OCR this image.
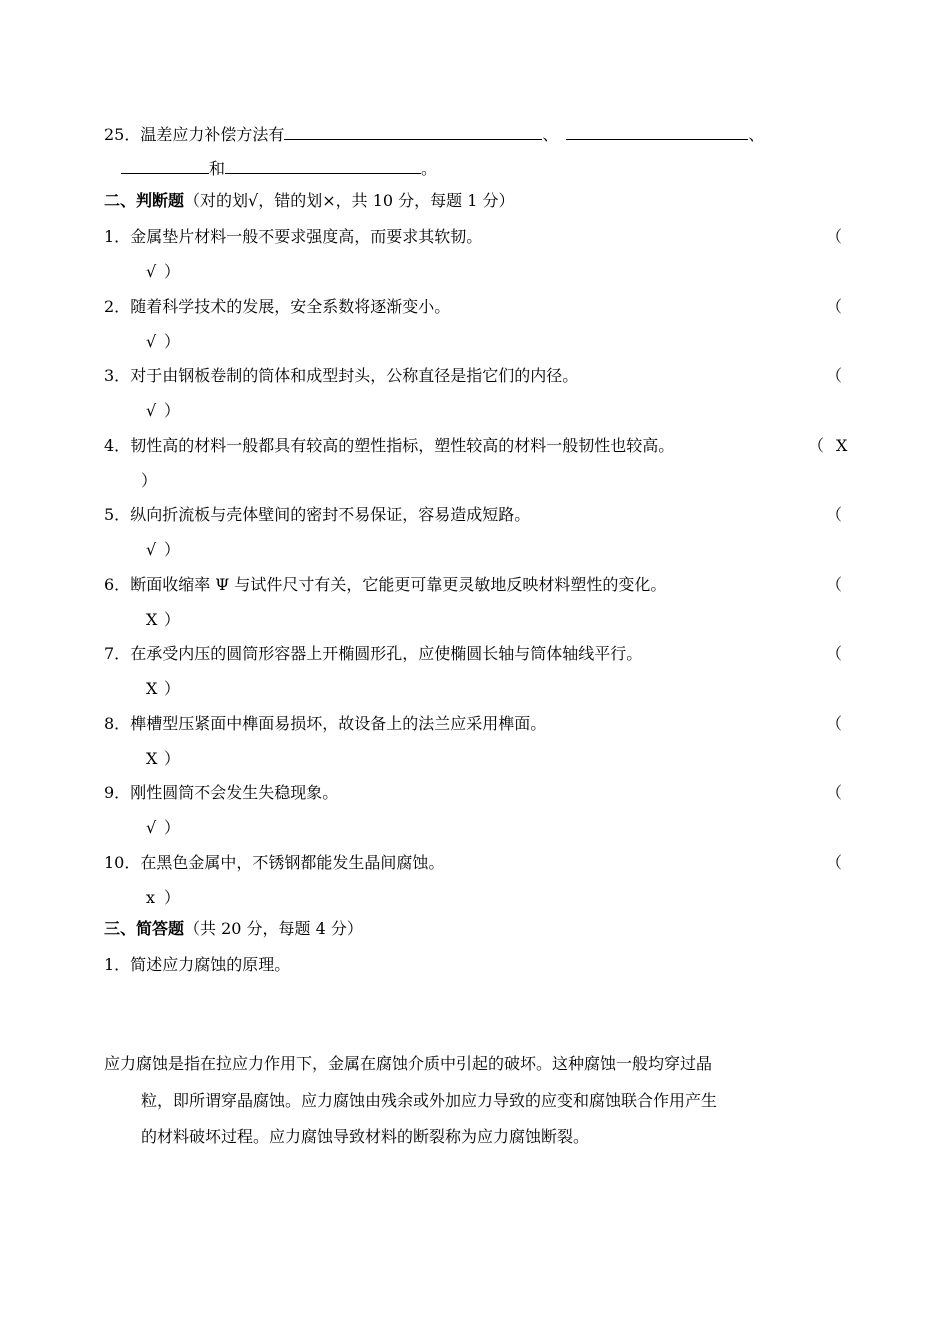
25．温差应力补偿方法有	、	、
和	。
二、判断题（对的划√，错的划×，共 10 分，每题 1 分）
1．金属垫片材料一般不要求强度高，而要求其软韧。	（
√ ）
2．随着科学技术的发展，安全系数将逐渐变小。	（
√ ）
3．对于由钢板卷制的筒体和成型封头，公称直径是指它们的内径。	（
√ ）
4．韧性高的材料一般都具有较高的塑性指标，塑性较高的材料一般韧性也较高。	（ X
）
5．纵向折流板与壳体壁间的密封不易保证，容易造成短路。	（
√ ）
6．断面收缩率 Ψ 与试件尺寸有关，它能更可靠更灵敏地反映材料塑性的变化。	（
X ）
7．在承受内压的圆筒形容器上开椭圆形孔，应使椭圆长轴与筒体轴线平行。	（
X ）
8．榫槽型压紧面中榫面易损坏，故设备上的法兰应采用榫面。	（
X ）
9．刚性圆筒不会发生失稳现象。	（
√ ）
10．在黑色金属中，不锈钢都能发生晶间腐蚀。	（
x ）
三、简答题（共 20 分，每题 4 分）
1．简述应力腐蚀的原理。
应力腐蚀是指在拉应力作用下，金属在腐蚀介质中引起的破坏。这种腐蚀一般均穿过晶
粒，即所谓穿晶腐蚀。应力腐蚀由残余或外加应力导致的应变和腐蚀联合作用产生
的材料破坏过程。应力腐蚀导致材料的断裂称为应力腐蚀断裂。
